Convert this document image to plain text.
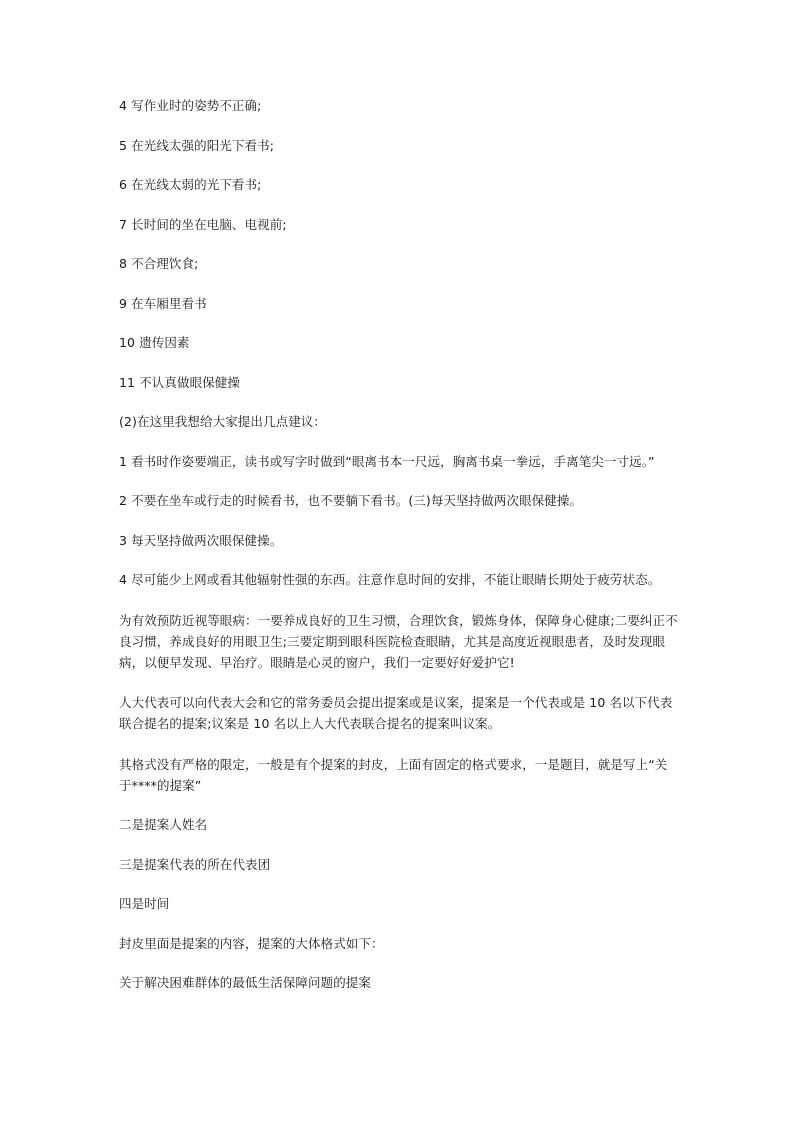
4 写作业时的姿势不正确;

5 在光线太强的阳光下看书;

6 在光线太弱的光下看书;

7 长时间的坐在电脑、电视前;

8 不合理饮食;

9 在车厢里看书

10 遗传因素

11 不认真做眼保健操

(2)在这里我想给大家提出几点建议：

1 看书时作姿要端正，读书或写字时做到“眼离书本一尺远，胸离书桌一拳远，手离笔尖一寸远。”

2 不要在坐车或行走的时候看书，也不要躺下看书。(三)每天坚持做两次眼保健操。

3 每天坚持做两次眼保健操。

4 尽可能少上网或看其他辐射性强的东西。注意作息时间的安排，不能让眼睛长期处于疲劳状态。

为有效预防近视等眼病：一要养成良好的卫生习惯，合理饮食，锻炼身体，保障身心健康;二要纠正不良习惯，养成良好的用眼卫生;三要定期到眼科医院检查眼睛，尤其是高度近视眼患者，及时发现眼病，以便早发现、早治疗。眼睛是心灵的窗户，我们一定要好好爱护它!

人大代表可以向代表大会和它的常务委员会提出提案或是议案，提案是一个代表或是 10 名以下代表联合提名的提案;议案是 10 名以上人大代表联合提名的提案叫议案。

其格式没有严格的限定，一般是有个提案的封皮，上面有固定的格式要求，一是题目，就是写上“关于****的提案”

二是提案人姓名

三是提案代表的所在代表团

四是时间

封皮里面是提案的内容，提案的大体格式如下：

关于解决困难群体的最低生活保障问题的提案
